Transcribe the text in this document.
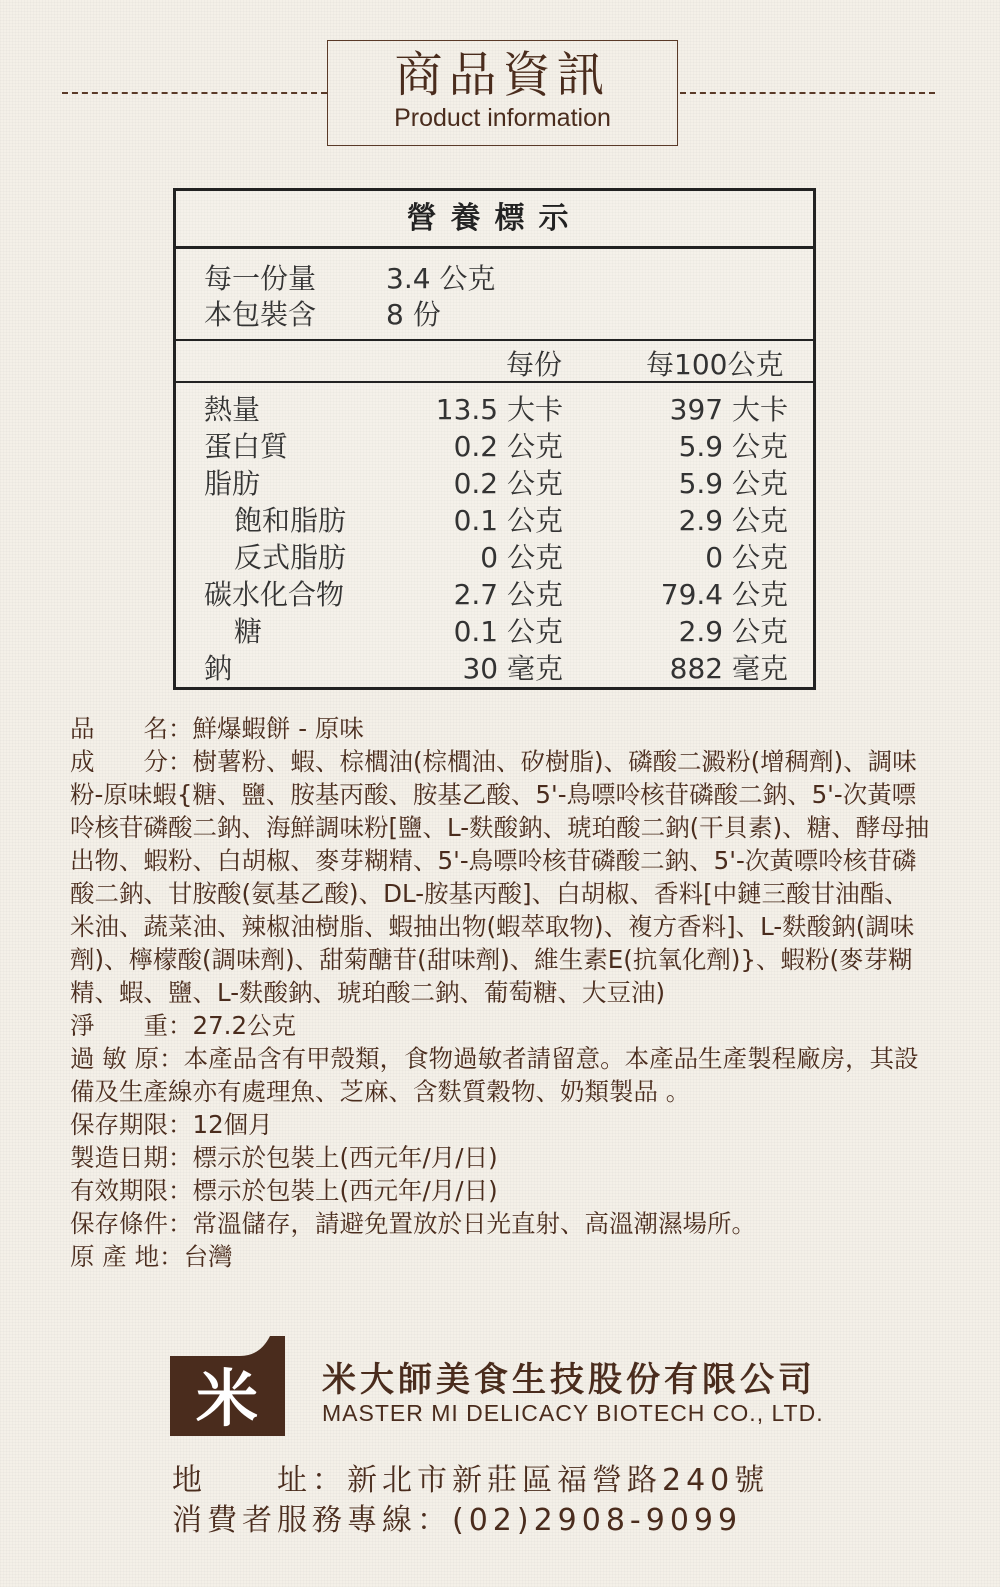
商品資訊
Product information
營養標示
每一份量 3.4 公克
本包裝含 8 份
每份	每100公克
熱量	13.5 大卡	397 大卡
蛋白質	0.2 公克	5.9 公克
脂肪	0.2 公克	5.9 公克
飽和脂肪	0.1 公克	2.9 公克
反式脂肪	0 公克	0 公克
碳水化合物	2.7 公克	79.4 公克
糖	0.1 公克	2.9 公克
鈉	30 毫克	882 毫克

品　　名：鮮爆蝦餅 - 原味

成　　分：樹薯粉、蝦、棕櫚油(棕櫚油、矽樹脂)、磷酸二澱粉(增稠劑)、調味粉-原味蝦{糖、鹽、胺基丙酸、胺基乙酸、5'-鳥嘌呤核苷磷酸二鈉、5'-次黃嘌呤核苷磷酸二鈉、海鮮調味粉[鹽、L-麩酸鈉、琥珀酸二鈉(干貝素)、糖、酵母抽出物、蝦粉、白胡椒、麥芽糊精、5'-鳥嘌呤核苷磷酸二鈉、5'-次黃嘌呤核苷磷酸二鈉、甘胺酸(氨基乙酸)、DL-胺基丙酸]、白胡椒、香料[中鏈三酸甘油酯、米油、蔬菜油、辣椒油樹脂、蝦抽出物(蝦萃取物)、複方香料]、L-麩酸鈉(調味劑)、檸檬酸(調味劑)、甜菊醣苷(甜味劑)、維生素E(抗氧化劑)}、蝦粉(麥芽糊精、蝦、鹽、L-麩酸鈉、琥珀酸二鈉、葡萄糖、大豆油)

淨　　重：27.2公克

過 敏 原：本產品含有甲殼類，食物過敏者請留意。本產品生產製程廠房，其設備及生產線亦有處理魚、芝麻、含麩質穀物、奶類製品 。

保存期限：12個月

製造日期：標示於包裝上(西元年/月/日)

有效期限：標示於包裝上(西元年/月/日)

保存條件：常溫儲存，請避免置放於日光直射、高溫潮濕場所。

原 產 地：台灣

米 米大師美食生技股份有限公司
MASTER MI DELICACY BIOTECH CO., LTD.
地　　址：新北市新莊區福營路240號
消費者服務專線：(02)2908-9099
